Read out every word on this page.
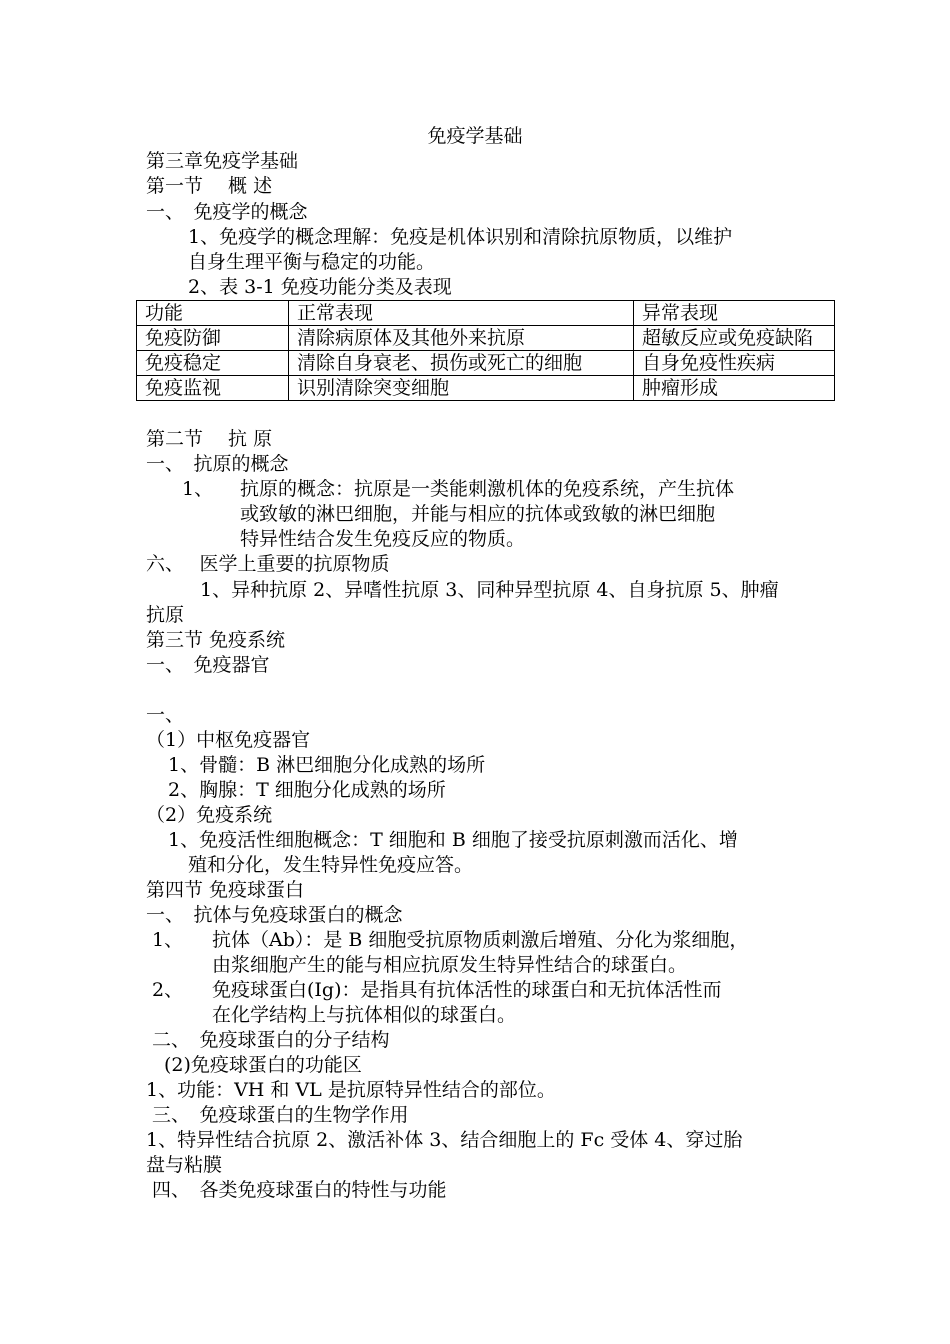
免疫学基础
第三章免疫学基础
第一节　 概 述
一、　免疫学的概念
1、免疫学的概念理解：免疫是机体识别和清除抗原物质，以维护
自身生理平衡与稳定的功能。
2、表 3-1 免疫功能分类及表现
功能	正常表现	异常表现
免疫防御	清除病原体及其他外来抗原	超敏反应或免疫缺陷
免疫稳定	清除自身衰老、损伤或死亡的细胞	自身免疫性疾病
免疫监视	识别清除突变细胞	肿瘤形成
第二节　 抗 原
一、　抗原的概念
1、 抗原的概念：抗原是一类能刺激机体的免疫系统，产生抗体
或致敏的淋巴细胞，并能与相应的抗体或致敏的淋巴细胞
特异性结合发生免疫反应的物质。
六、　 医学上重要的抗原物质
1、异种抗原 2、异嗜性抗原 3、同种异型抗原 4、自身抗原 5、肿瘤
抗原
第三节 免疫系统
一、　免疫器官
一、
（1）中枢免疫器官
1、骨髓：B 淋巴细胞分化成熟的场所
2、胸腺：T 细胞分化成熟的场所
（2）免疫系统
1、免疫活性细胞概念：T 细胞和 B 细胞了接受抗原刺激而活化、增
殖和分化，发生特异性免疫应答。
第四节 免疫球蛋白
一、　抗体与免疫球蛋白的概念
1、 抗体（Ab）：是 B 细胞受抗原物质刺激后增殖、分化为浆细胞，
由浆细胞产生的能与相应抗原发生特异性结合的球蛋白。
2、 免疫球蛋白(Ig)：是指具有抗体活性的球蛋白和无抗体活性而
在化学结构上与抗体相似的球蛋白。
二、　免疫球蛋白的分子结构
(2)免疫球蛋白的功能区
1、功能：VH 和 VL 是抗原特异性结合的部位。
三、　免疫球蛋白的生物学作用
1、特异性结合抗原 2、激活补体 3、结合细胞上的 Fc 受体 4、穿过胎
盘与粘膜
四、　各类免疫球蛋白的特性与功能
